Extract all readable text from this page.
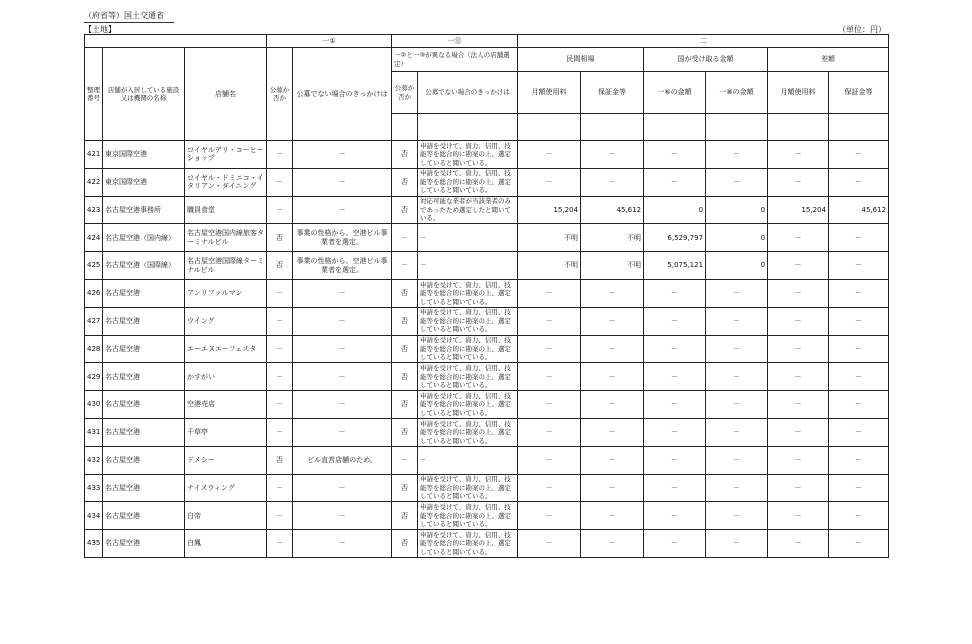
（府省等）国土交通省
【土地】	（単位：円）
			一①		一⑪		二					
整理番号	店舗が入居している施設又は機関の名称	店舗名	公募か否か	公募でない場合のきっかけは	一②と一③が異なる場合（法人の店舗選定）		民間相場		国が受け取る金額		差額	
					公募か否か	公募でない場合のきっかけは	月額使用料	保証金等	一⑥の金額	一⑧の金額	月額使用料	保証金等

421	東京国際空港	ロイヤルデリ・コーヒーショップ	－	－	否	申請を受けて、資力、信用、技能等を総合的に勘案の上、選定していると聞いている。	－	－	－	－	－	－
422	東京国際空港	ロイヤル・ドミニコ・イタリアン・ダイニング	－	－	否	申請を受けて、資力、信用、技能等を総合的に勘案の上、選定していると聞いている。	－	－	－	－	－	－
423	名古屋空港事務所	職員食堂	－	－	否	対応可能な業者が当該業者のみであったため選定したと聞いている。	15,204	45,612	0	0	15,204	45,612
424	名古屋空港（国内線）	名古屋空港国内線旅客ターミナルビル	否	事業の性格から、空港ビル事業者を選定。	－	－	不明	不明	6,529,797	0	－	－
425	名古屋空港（国際線）	名古屋空港国際線ターミナルビル	否	事業の性格から、空港ビル事業者を選定。	－	－	不明	不明	5,075,121	0	－	－
426	名古屋空港	アンリファルマン	－	－	否	申請を受けて、資力、信用、技能等を総合的に勘案の上、選定していると聞いている。	－	－	－	－	－	－
427	名古屋空港	ウイング	－	－	否	申請を受けて、資力、信用、技能等を総合的に勘案の上、選定していると聞いている。	－	－	－	－	－	－
428	名古屋空港	エーエヌエーフェスタ	－	－	否	申請を受けて、資力、信用、技能等を総合的に勘案の上、選定していると聞いている。	－	－	－	－	－	－
429	名古屋空港	かすがい	－	－	否	申請を受けて、資力、信用、技能等を総合的に勘案の上、選定していると聞いている。	－	－	－	－	－	－
430	名古屋空港	空港売店	－	－	否	申請を受けて、資力、信用、技能等を総合的に勘案の上、選定していると聞いている。	－	－	－	－	－	－
431	名古屋空港	千草亭	－	－	否	申請を受けて、資力、信用、技能等を総合的に勘案の上、選定していると聞いている。	－	－	－	－	－	－
432	名古屋空港	ドメシー	否	ビル直営店舗のため。	－	－	－	－	－	－	－	－
433	名古屋空港	ナイスウィング	－	－	否	申請を受けて、資力、信用、技能等を総合的に勘案の上、選定していると聞いている。	－	－	－	－	－	－
434	名古屋空港	白帝	－	－	否	申請を受けて、資力、信用、技能等を総合的に勘案の上、選定していると聞いている。	－	－	－	－	－	－
435	名古屋空港	白鳳	－	－	否	申請を受けて、資力、信用、技能等を総合的に勘案の上、選定していると聞いている。	－	－	－	－	－	－
